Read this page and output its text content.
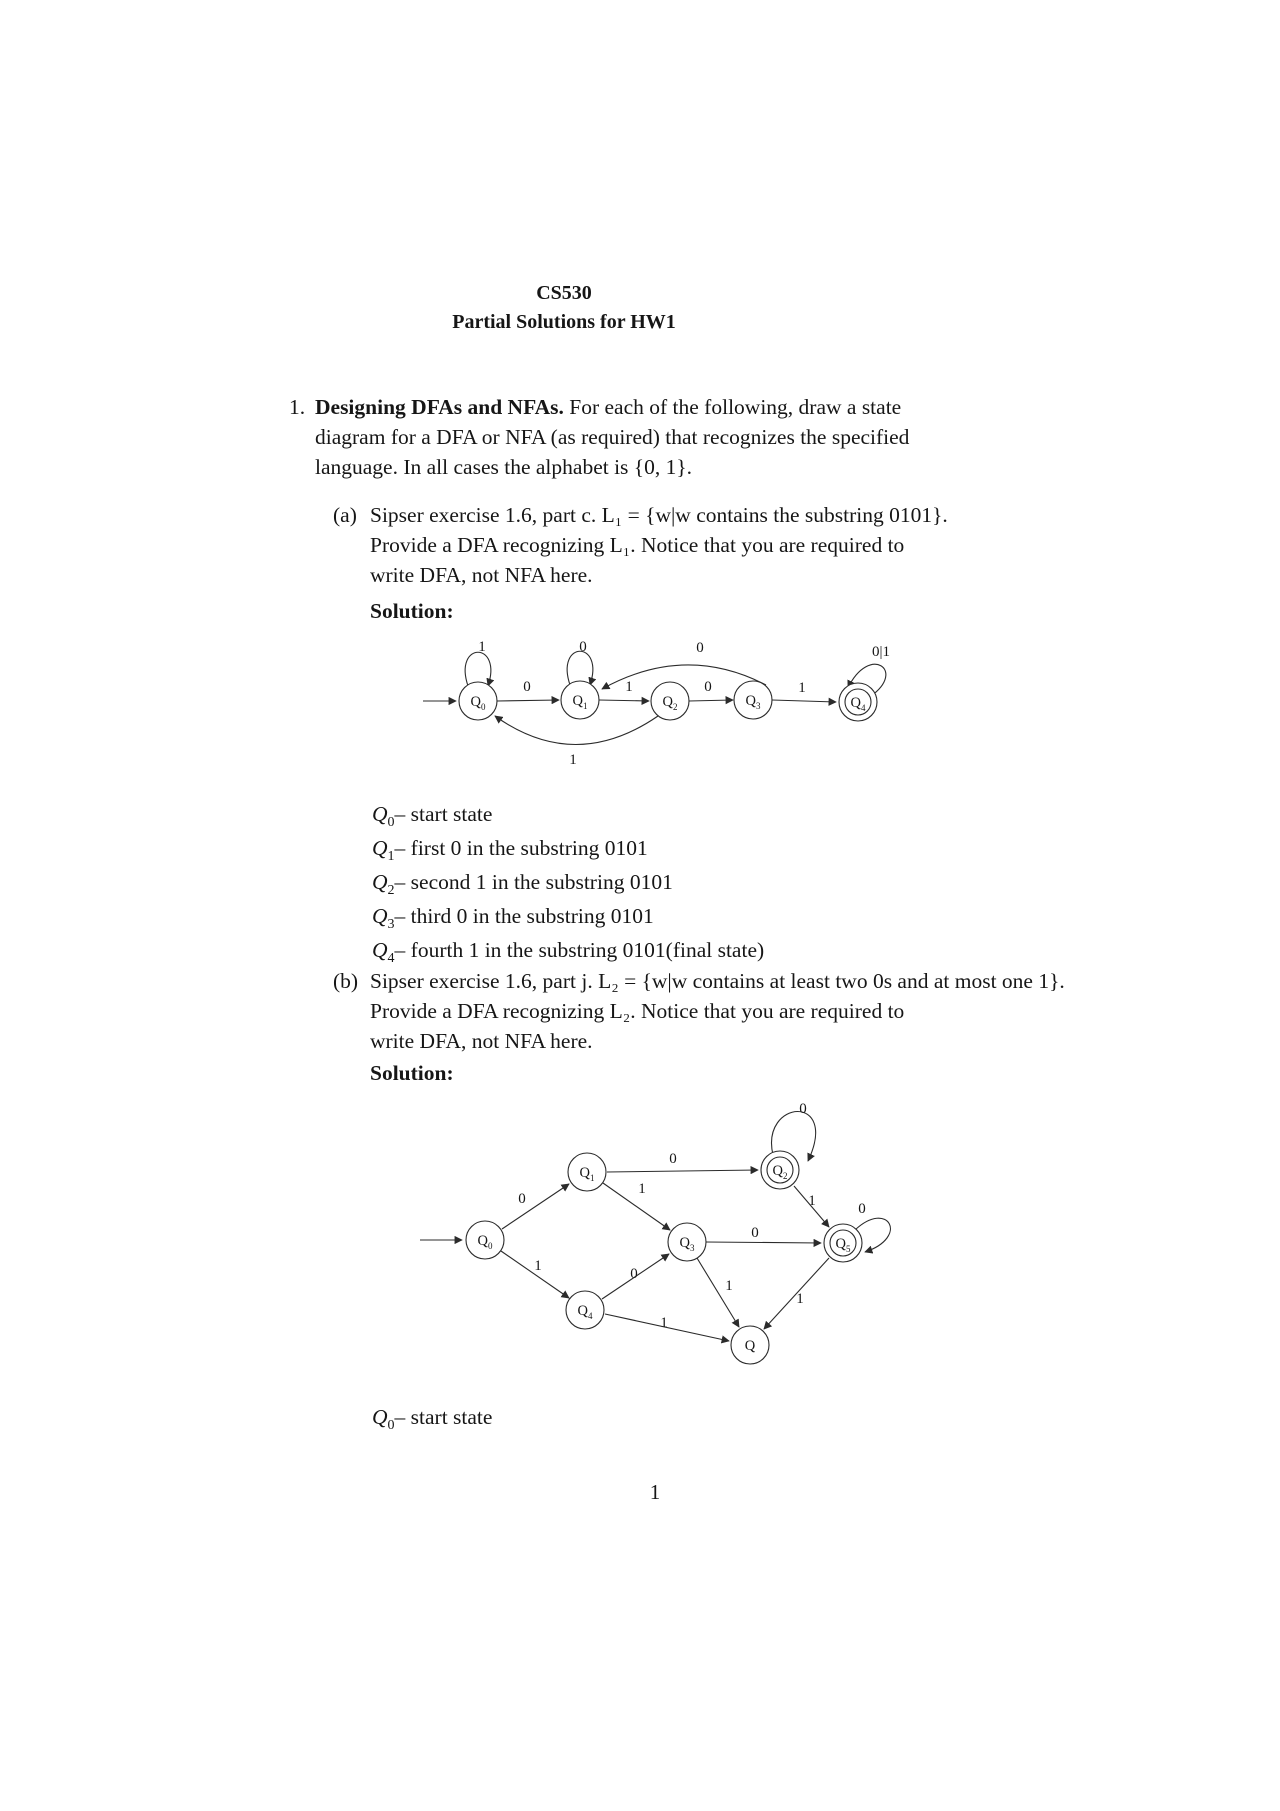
CS530
Partial Solutions for HW1
1. Designing DFAs and NFAs. For each of the following, draw a state
diagram for a DFA or NFA (as required) that recognizes the specified
language. In all cases the alphabet is {0, 1}.
(a) Sipser exercise 1.6, part c. L₁ = {w|w contains the substring 0101}.
Provide a DFA recognizing L₁. Notice that you are required to
write DFA, not NFA here.
Solution:
1
0
0
1	0
1
0
1
0|1
$Q_0$	$Q_1$	$Q_2$	$Q_3$	$Q_4$
$Q_0-$ start state
$Q_1-$ first 0 in the substring 0101
$Q_2-$ second 1 in the substring 0101
$Q_3-$ third 0 in the substring 0101
$Q_4-$ fourth 1 in the substring 0101(final state)
(b) Sipser exercise 1.6, part j. L₂ = {w|w contains at least two 0s and at most one 1}.
Provide a DFA recognizing L₂. Notice that you are required to
write DFA, not NFA here.
Solution:
0
1
0
1
0
1
0
1
0
1
0
1
$Q_0$
$Q_1$	$Q_2$
$Q_3$
$Q_4$
$Q_5$
Q
$Q_0-$ start state
1
